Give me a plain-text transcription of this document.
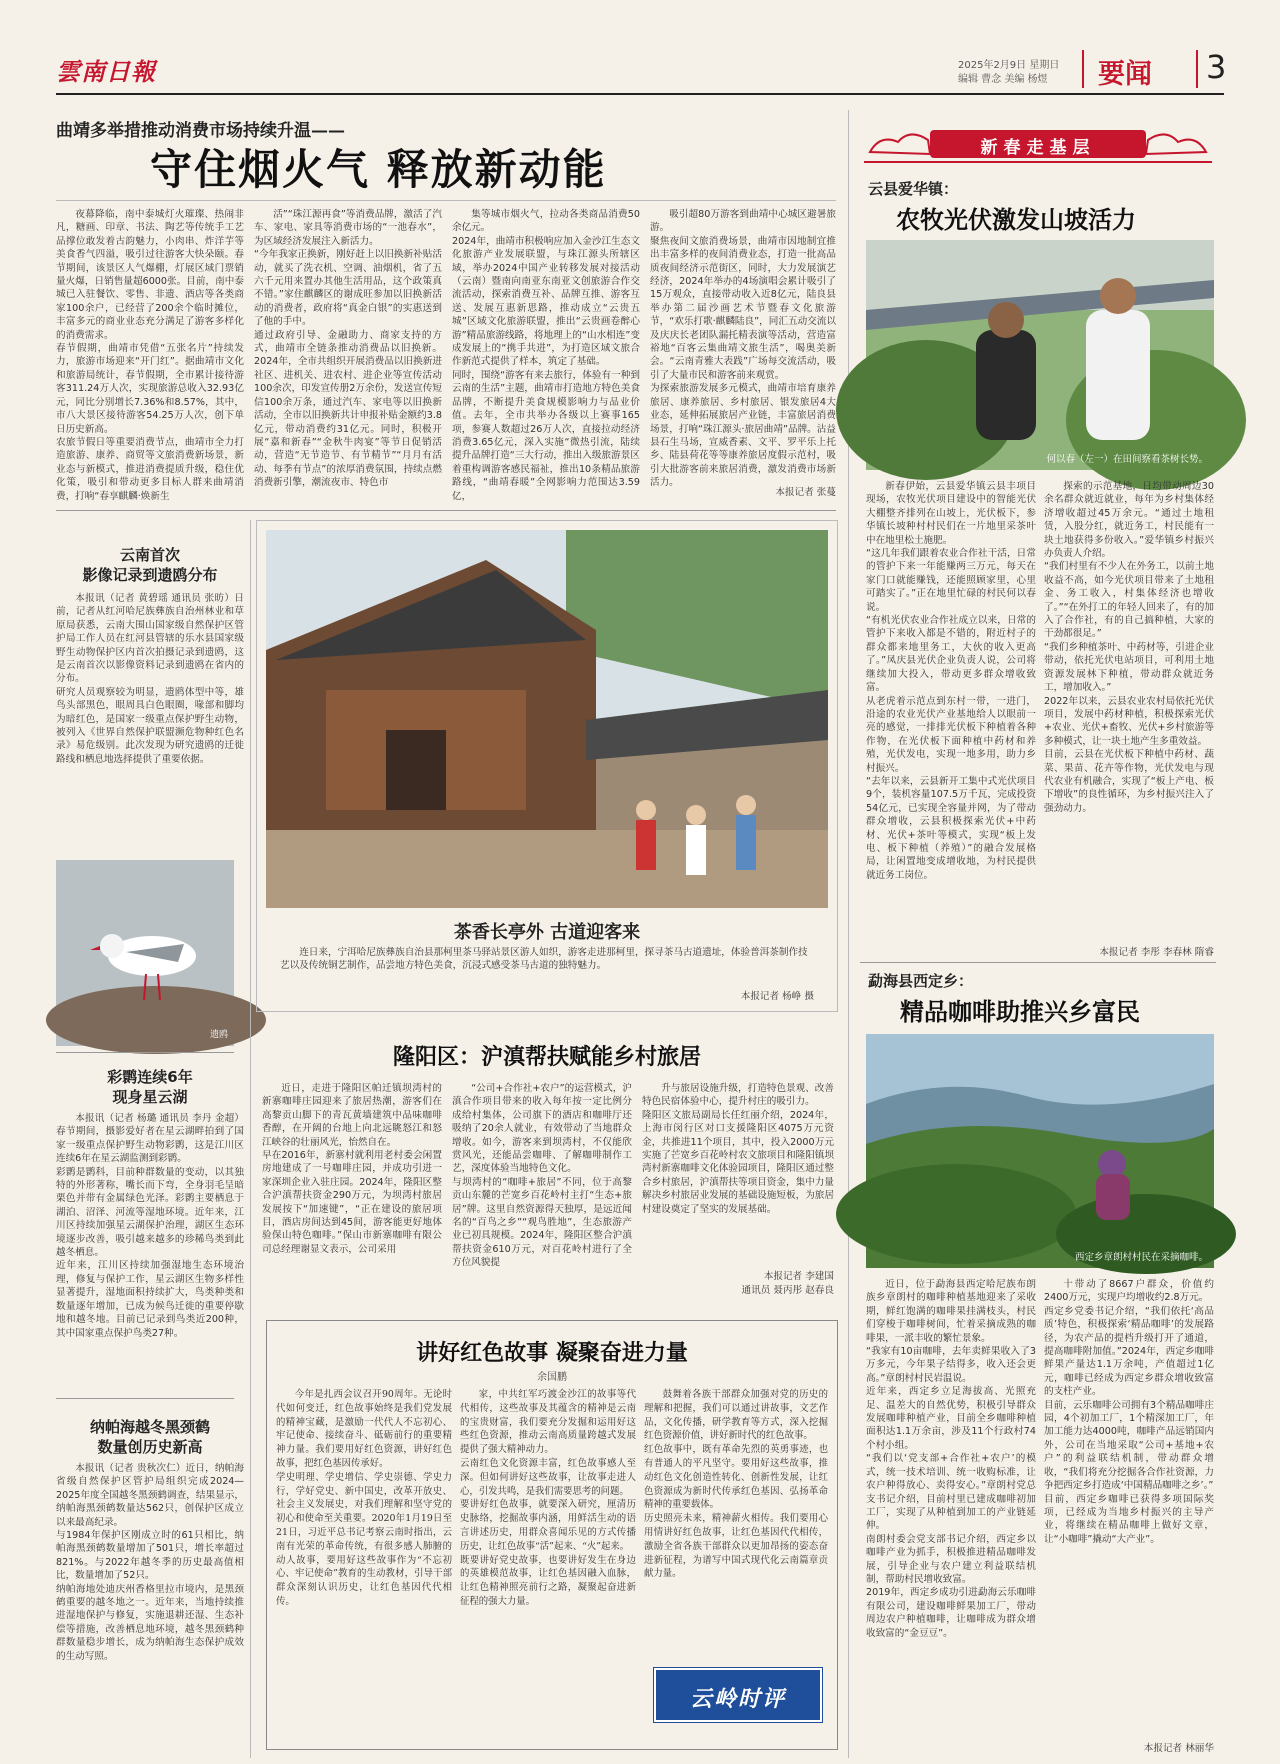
雲南日報	2025年2月9日 星期日
编辑 曹念 美编 杨煜 要闻 3
曲靖多举措推动消费市场持续升温——
守住烟火气 释放新动能
夜幕降临，南中泰城灯火璀璨、热闹非凡，糖画、印章、书法、陶艺等传统手工艺品撑位敢发着古韵魅力，小肉串、炸洋芋等美食香气四溢，吸引过往游客大快朵颐。春节期间，该景区人气爆棚，灯展区域门票销量火爆，日销售量超6000张。目前，南中泰城已入驻餐饮、零售、非遗、酒店等各类商家100余户，已经营了200余个临时摊位，丰富多元的商业业态充分满足了游客多样化的消费需求。
春节假期，曲靖市凭借“五张名片”持续发力，旅游市场迎来“开门红”。据曲靖市文化和旅游局统计，春节假期，全市累计接待游客311.24万人次，实现旅游总收入32.93亿元，同比分别增长7.36%和8.57%，其中，市八大景区接待游客54.25万人次，创下单日历史新高。
农旅节假日等重要消费节点，曲靖市全力打造旅游、康养、商贸等文旅消费新场景，新业态与新模式，推进消费提质升级，稳住优化策，吸引和带动更多目标人群来曲靖消费，打响“春享麒麟·焕新生
活”“珠江源再食”等消费品牌，激活了汽车、家电、家具等消费市场的“一池春水”，为区域经济发展注入新活力。
“今年我家正换新，刚好赶上以旧换新补贴活动，就买了洗衣机、空调、油烟机，省了五六千元用来置办其他生活用品，这个政策真不错。”家住麒麟区的谢成旺参加以旧换新活动的消费者，政府将“真金白银”的实惠送到了他的手中。
通过政府引导、金融助力、商家支持的方式，曲靖市全链条推动消费品以旧换新。2024年，全市共组织开展消费品以旧换新进社区、进机关、进农村、进企业等宣传活动100余次，印发宣传册2万余份，发送宣传短信100余万条，通过汽车、家电等以旧换新活动，全市以旧换新共计申报补贴金额约3.8亿元，带动消费约31亿元。同时，积极开展“嘉和新春”“金秋牛肉宴”等节日促销活动，营造“无节造节、有节精节”“月月有活动、每季有节点”的浓厚消费氛围，持续点燃消费新引擎，潮流夜市、特色市
集等城市烟火气，拉动各类商品消费50余亿元。
2024年，曲靖市积极响应加入金沙江生态文化旅游产业发展联盟，与珠江源头所辖区域，举办2024中国产业转移发展对接活动（云南）暨南向南亚东南亚文创旅游合作交流活动，探索消费互补、品牌互推、游客互送、发展互惠新思路，推动成立“云贵五城”区域文化旅游联盟，推出“云贵画卷醉心游”精品旅游线路，将地理上的“山水相连”变成发展上的“携手共进”，为打造区域文旅合作新范式提供了样本，筑定了基础。
同时，围绕“游客有来去旅行，体验有一种到云南的生活”主题，曲靖市打造地方特色美食品牌，不断提升美食规模影响力与品业价值。去年，全市共举办各级以上赛事165项，参赛人数超过26万人次，直接拉动经济消费3.65亿元，深入实施“微热引流，陆续提升品牌打造“三大行动，推出入级旅游景区着重构调游客感民福祉，推出10条精品旅游路线，“曲靖春暖”全网影响力范围达3.59亿，
吸引超80万游客到曲靖中心城区避暑旅游。
聚焦夜间文旅消费场景，曲靖市因地制宜推出丰富多样的夜间消费业态，打造一批高品质夜间经济示范街区，同时，大力发展演艺经济，2024年举办的4场演唱会累计吸引了15万观众，直接带动收入近8亿元，陆良县举办第二届沙画艺术节暨春文化旅游节，“欢乐打歌·麒麟陆良”，同汇五动交流以及庆庆长老团队漏托精表演等活动，营造富裕地“百客云集曲靖文旅生活”，喝奥美新会。“云南青雅大表践”广场每交流活动，吸引了大量市民和游客前来观赏。
为探索旅游发展多元模式，曲靖市培育康养旅居、康养旅居、乡村旅居、银发旅居4大业态，延伸拓展旅居产业链，丰富旅居消费场景，打响“珠江源头·旅居曲靖”品牌。沾益县石生马场，宣威香素、文平、罗平乐上托乡、陆县荷花等等康养旅居度假示范村，吸引大批游客前来旅居消费，激发消费市场新活力。
本报记者 张蔓
新春走基层
云县爱华镇：
农牧光伏激发山坡活力
何以春（左一）在田间察看茶树长势。
新春伊始，云县爱华镇云县丰项目现场，农牧光伏项目建设中的智能光伏大棚整齐排列在山坡上，光伏板下，参华镇长坡种村村民们在一片地里采茶叶中在地里松土施肥。
“这几年我们跟着农业合作社干活，日常的管护下来一年能赚两三万元，每天在家门口就能赚钱，还能照顾家里，心里可踏实了。”正在地里忙碌的村民何以春说。
“有机光伏农业合作社成立以来，日常的管护下来收入都是不错的，附近村子的群众都来地里务工，大伙的收入更高了。”凤庆县光伏企业负责人说，公司将继续加大投入，带动更多群众增收致富。
从老虎着示范点到东村一带，一进门，沿途的农业光伏产业基地给人以眼前一亮的感觉，一排排光伏板下种植着各种作物，在光伏板下面种植中药材和养殖，光伏发电，实现一地多用，助力乡村振兴。
“去年以来，云县新开工集中式光伏项目9个，装机容量107.5万千瓦，完成投资54亿元，已实现全容量并网，为了带动群众增收，云县积极探索光伏+中药材、光伏+茶叶等模式，实现“板上发电、板下种植（养殖）”的融合发展格局，让闲置地变成增收地，为村民提供就近务工岗位。
探索的示范基地，日均带动周边30余名群众就近就业，每年为乡村集体经济增收超过45万余元。“通过土地租赁，入股分红，就近务工，村民能有一块土地获得多份收入。”爱华镇乡村振兴办负责人介绍。
“我们村里有不少人在外务工，以前土地收益不高，如今光伏项目带来了土地租金、务工收入，村集体经济也增收了。”“在外打工的年轻人回来了，有的加入了合作社，有的自己搞种植，大家的干劲都很足。”
“我们乡种植茶叶、中药材等，引进企业带动，依托光伏电站项目，可利用土地资源发展林下种植，带动群众就近务工，增加收入。”
2022年以来，云县农业农村局依托光伏项目，发展中药材种植，积极探索光伏+农业、光伏+畜牧、光伏+乡村旅游等多种模式，让一块土地产生多重效益。
目前，云县在光伏板下种植中药材、蔬菜、果苗、花卉等作物，光伏发电与现代农业有机融合，实现了“板上产电、板下增收”的良性循环，为乡村振兴注入了强劲动力。
本报记者 李彤 李春林 隋睿
勐海县西定乡：
精品咖啡助推兴乡富民
西定乡章朗村村民在采摘咖啡。
近日，位于勐海县西定哈尼族布朗族乡章朗村的咖啡种植基地迎来了采收期，鲜红饱满的咖啡果挂满枝头，村民们穿梭于咖啡树间，忙着采摘成熟的咖啡果，一派丰收的繁忙景象。
“我家有10亩咖啡，去年卖鲜果收入了3万多元，今年果子结得多，收入还会更高。”章朗村村民岩温说。
近年来，西定乡立足海拔高、光照充足、温差大的自然优势，积极引导群众发展咖啡种植产业，目前全乡咖啡种植面积达1.1万余亩，涉及11个行政村74个村小组。
“我们以‘党支部+合作社+农户’的模式，统一技术培训、统一收购标准，让农户种得放心、卖得安心。”章朗村党总支书记介绍，目前村里已建成咖啡初加工厂，实现了从种植到加工的产业链延伸。
南朗村委会党支部书记介绍，西定乡以咖啡产业为抓手，积极推进精品咖啡发展，引导企业与农户建立利益联结机制，帮助村民增收致富。
2019年，西定乡成功引进勐海云乐咖啡有限公司，建设咖啡鲜果加工厂，带动周边农户种植咖啡，让咖啡成为群众增收致富的“金豆豆”。
十带动了8667户群众，价值约2400万元，实现户均增收约2.8万元。
西定乡党委书记介绍，“我们依托‘高品质’特色，积极探索‘精品咖啡’的发展路径，为农产品的提档升级打开了通道，提高咖啡附加值。”2024年，西定乡咖啡鲜果产量达1.1万余吨，产值超过1亿元，咖啡已经成为西定乡群众增收致富的支柱产业。
目前，云乐咖啡公司拥有3个精品咖啡庄园，4个初加工厂，1个精深加工厂，年加工能力达4000吨，咖啡产品远销国内外，公司在当地采取“公司+基地+农户”的利益联结机制，带动群众增收，“我们将充分挖掘各合作社资源，力争把西定乡打造成‘中国精品咖啡之乡’。”
目前，西定乡咖啡已获得多项国际奖项，已经成为当地乡村振兴的主导产业，将继续在精品咖啡上做好文章，让“小咖啡”撬动“大产业”。
本报记者 林丽华
云南首次
影像记录到遗鸥分布
本报讯（记者 黄碧瑶 通讯员 张昉）日前，记者从红河哈尼族彝族自治州林业和草原局获悉，云南大围山国家级自然保护区管护局工作人员在红河县管辖的乐水县国家级野生动物保护区内首次拍摄记录到遗鸥，这是云南首次以影像资料记录到遗鸥在省内的分布。
研究人员观察较为明显，遗鸥体型中等，雄鸟头部黑色，眼周具白色眼圈，喙部和脚均为暗红色，是国家一级重点保护野生动物，被列入《世界自然保护联盟濒危物种红色名录》易危级别。此次发现为研究遗鸥的迁徙路线和栖息地选择提供了重要依据。
遗鸥
彩鹮连续6年
现身星云湖
本报讯（记者 杨璐 通讯员 李丹 金超）春节期间，摄影爱好者在星云湖畔拍到了国家一级重点保护野生动物彩鹮，这是江川区连续6年在星云湖监测到彩鹮。
彩鹮是鹮科，目前种群数量的变动，以其独特的外形著称，嘴长而下弯，全身羽毛呈暗栗色并带有金属绿色光泽。彩鹮主要栖息于湖泊、沼泽、河流等湿地环境。近年来，江川区持续加强星云湖保护治理，湖区生态环境逐步改善，吸引越来越多的珍稀鸟类到此越冬栖息。
近年来，江川区持续加强湿地生态环境治理，修复与保护工作，星云湖区生物多样性显著提升，湿地面积持续扩大，鸟类种类和数量逐年增加，已成为候鸟迁徙的重要停歇地和越冬地。目前已记录到鸟类近200种，其中国家重点保护鸟类27种。
纳帕海越冬黑颈鹤
数量创历史新高
本报讯（记者 贵秋次仁）近日，纳帕海省级自然保护区管护局组织完成2024—2025年度全国越冬黑颈鹤调查，结果显示，纳帕海黑颈鹤数量达562只，创保护区成立以来最高纪录。
与1984年保护区刚成立时的61只相比，纳帕海黑颈鹤数量增加了501只，增长率超过821%。与2022年越冬季的历史最高值相比，数量增加了52只。
纳帕海地处迪庆州香格里拉市境内，是黑颈鹤重要的越冬地之一。近年来，当地持续推进湿地保护与修复，实施退耕还湿、生态补偿等措施，改善栖息地环境，越冬黑颈鹤种群数量稳步增长，成为纳帕海生态保护成效的生动写照。
茶香长亭外 古道迎客来
连日来，宁洱哈尼族彝族自治县那柯里茶马驿站景区游人如织，游客走进那柯里，探寻茶马古道遗址，体验普洱茶制作技艺以及传统铜艺制作，品尝地方特色美食，沉浸式感受茶马古道的独特魅力。
本报记者 杨峥 摄
隆阳区：沪滇帮扶赋能乡村旅居
近日，走进于隆阳区帕迁镇坝湾村的新寨咖啡庄园迎来了旅居热潮，游客们在高黎贡山脚下的青瓦黄墙建筑中品味咖啡香醇，在开阔的台地上向北远眺怒江和怒江峡谷的壮丽风光，怡然自在。
早在2016年，新寨村就利用老村委会闲置房地建成了一号咖啡庄园，并成功引进一家深圳企业入驻庄园。2024年，隆阳区整合沪滇帮扶资金290万元，为坝湾村旅居发展按下“加速键”，“正在建设的旅居项目，酒店房间达到45间，游客能更好地体验保山特色咖啡。”保山市新寨咖啡有限公司总经理谢显文表示，公司采用
“公司+合作社+农户”的运营模式，沪滇合作项目带来的收入每年按一定比例分成给村集体，公司旗下的酒店和咖啡厅还吸纳了20余人就业，有效带动了当地群众增收。如今，游客来到坝湾村，不仅能欣赏风光，还能品尝咖啡、了解咖啡制作工艺，深度体验当地特色文化。
与坝湾村的“咖啡+旅居”不同，位于高黎贡山东麓的芒宽乡百花岭村主打“生态+旅居”牌。这里自然资源得天独厚，是远近闻名的“百鸟之乡”“观鸟胜地”，生态旅游产业已初具规模。2024年，隆阳区整合沪滇帮扶资金610万元，对百花岭村进行了全方位风貌提
升与旅居设施升级，打造特色景观、改善特色民宿体验中心，提升村庄的吸引力。
隆阳区文旅局副局长任红丽介绍，2024年，上海市闵行区对口支援隆阳区4075万元资金，共推进11个项目，其中，投入2000万元实施了芒宽乡百花岭村农文旅项目和隆阳镇坝湾村新寨咖啡文化体验园项目，隆阳区通过整合乡村旅居，沪滇帮扶等项目资金，集中力量解决乡村旅居业发展的基础设施短板，为旅居村建设奠定了坚实的发展基础。
本报记者 李建国
通讯员 聂丙彤 赵春良
讲好红色故事 凝聚奋进力量
余国鹏
今年是扎西会议召开90周年。无论时代如何变迁，红色故事始终是我们党发展的精神宝藏，是激励一代代人不忘初心、牢记使命、接续奋斗、砥砺前行的重要精神力量。我们要用好红色资源，讲好红色故事，把红色基因传承好。
学史明理、学史增信、学史崇德、学史力行，学好党史、新中国史，改革开放史、社会主义发展史，对我们理解和坚守党的初心和使命至关重要。2020年1月19日至21日，习近平总书记考察云南时指出，云南有光荣的革命传统，有很多感人肺腑的动人故事，要用好这些故事作为“不忘初心、牢记使命”教育的生动教材，引导干部群众深刻认识历史，让红色基因代代相传。
家，中共红军巧渡金沙江的故事等代代相传，这些故事及其蕴含的精神是云南的宝贵财富，我们要充分发掘和运用好这些红色资源，推动云南高质量跨越式发展提供了强大精神动力。
云南红色文化资源丰富，红色故事感人至深。但如何讲好这些故事，让故事走进人心，引发共鸣，是我们需要思考的问题。
要讲好红色故事，就要深入研究，厘清历史脉络，挖掘故事内涵，用鲜活生动的语言讲述历史，用群众喜闻乐见的方式传播历史，让红色故事“活”起来、“火”起来。
既要讲好党史故事，也要讲好发生在身边的英雄模范故事，让红色基因融入血脉，让红色精神照亮前行之路，凝聚起奋进新征程的强大力量。
鼓舞着各族干部群众加强对党的历史的理解和把握，我们可以通过讲故事，文艺作品，文化传播，研学教育等方式，深入挖掘红色资源价值，讲好新时代的红色故事。
红色故事中，既有革命先烈的英勇事迹，也有普通人的平凡坚守。要用好这些故事，推动红色文化创造性转化、创新性发展，让红色资源成为新时代传承红色基因、弘扬革命精神的重要载体。
历史照亮未来，精神薪火相传。我们要用心用情讲好红色故事，让红色基因代代相传，激励全省各族干部群众以更加昂扬的姿态奋进新征程，为谱写中国式现代化云南篇章贡献力量。
云岭时评
